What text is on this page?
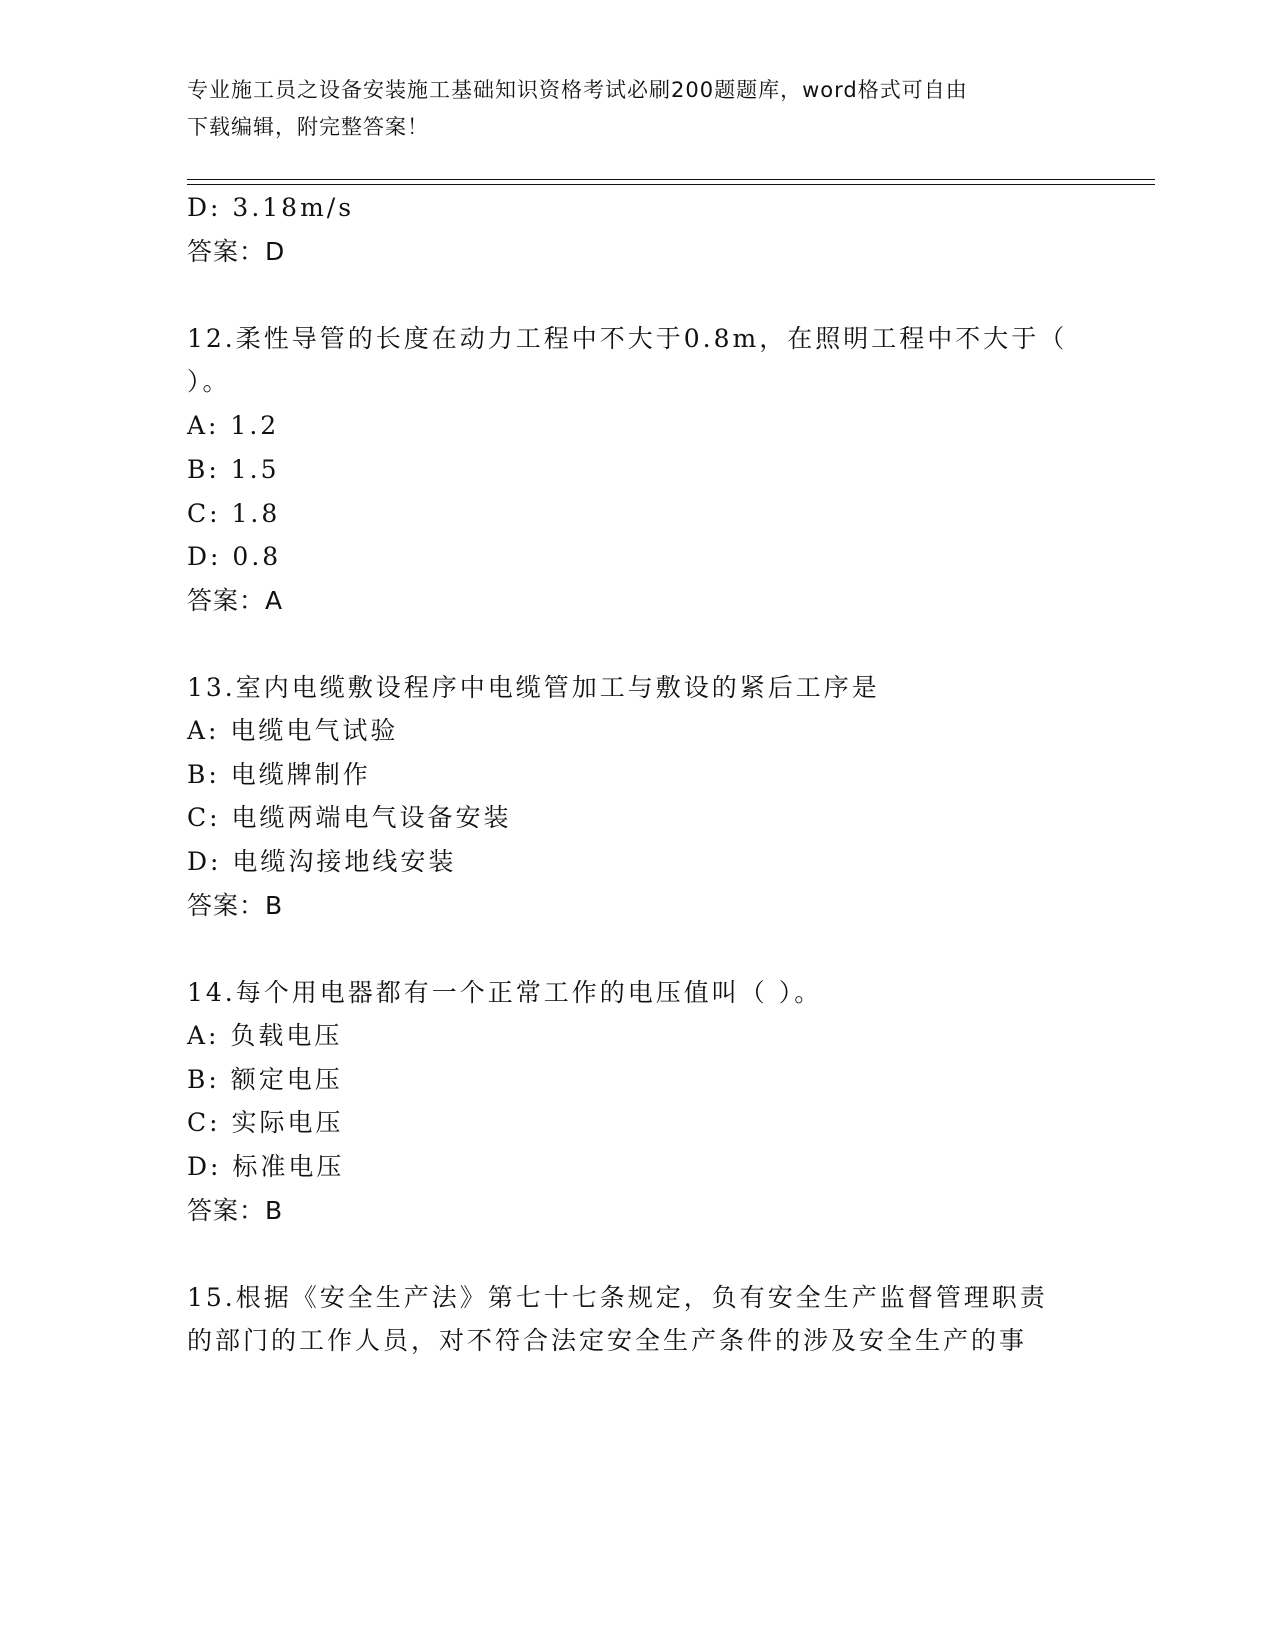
专业施工员之设备安装施工基础知识资格考试必刷200题题库，word格式可自由
下载编辑，附完整答案！
D: 3.18m/s
答案：D
12.柔性导管的长度在动力工程中不大于0.8m，在照明工程中不大于（
）。
A: 1.2
B: 1.5
C: 1.8
D: 0.8
答案：A
13.室内电缆敷设程序中电缆管加工与敷设的紧后工序是
A: 电缆电气试验
B: 电缆牌制作
C: 电缆两端电气设备安装
D: 电缆沟接地线安装
答案：B
14.每个用电器都有一个正常工作的电压值叫（ ）。
A: 负载电压
B: 额定电压
C: 实际电压
D: 标准电压
答案：B
15.根据《安全生产法》第七十七条规定，负有安全生产监督管理职责
的部门的工作人员，对不符合法定安全生产条件的涉及安全生产的事
